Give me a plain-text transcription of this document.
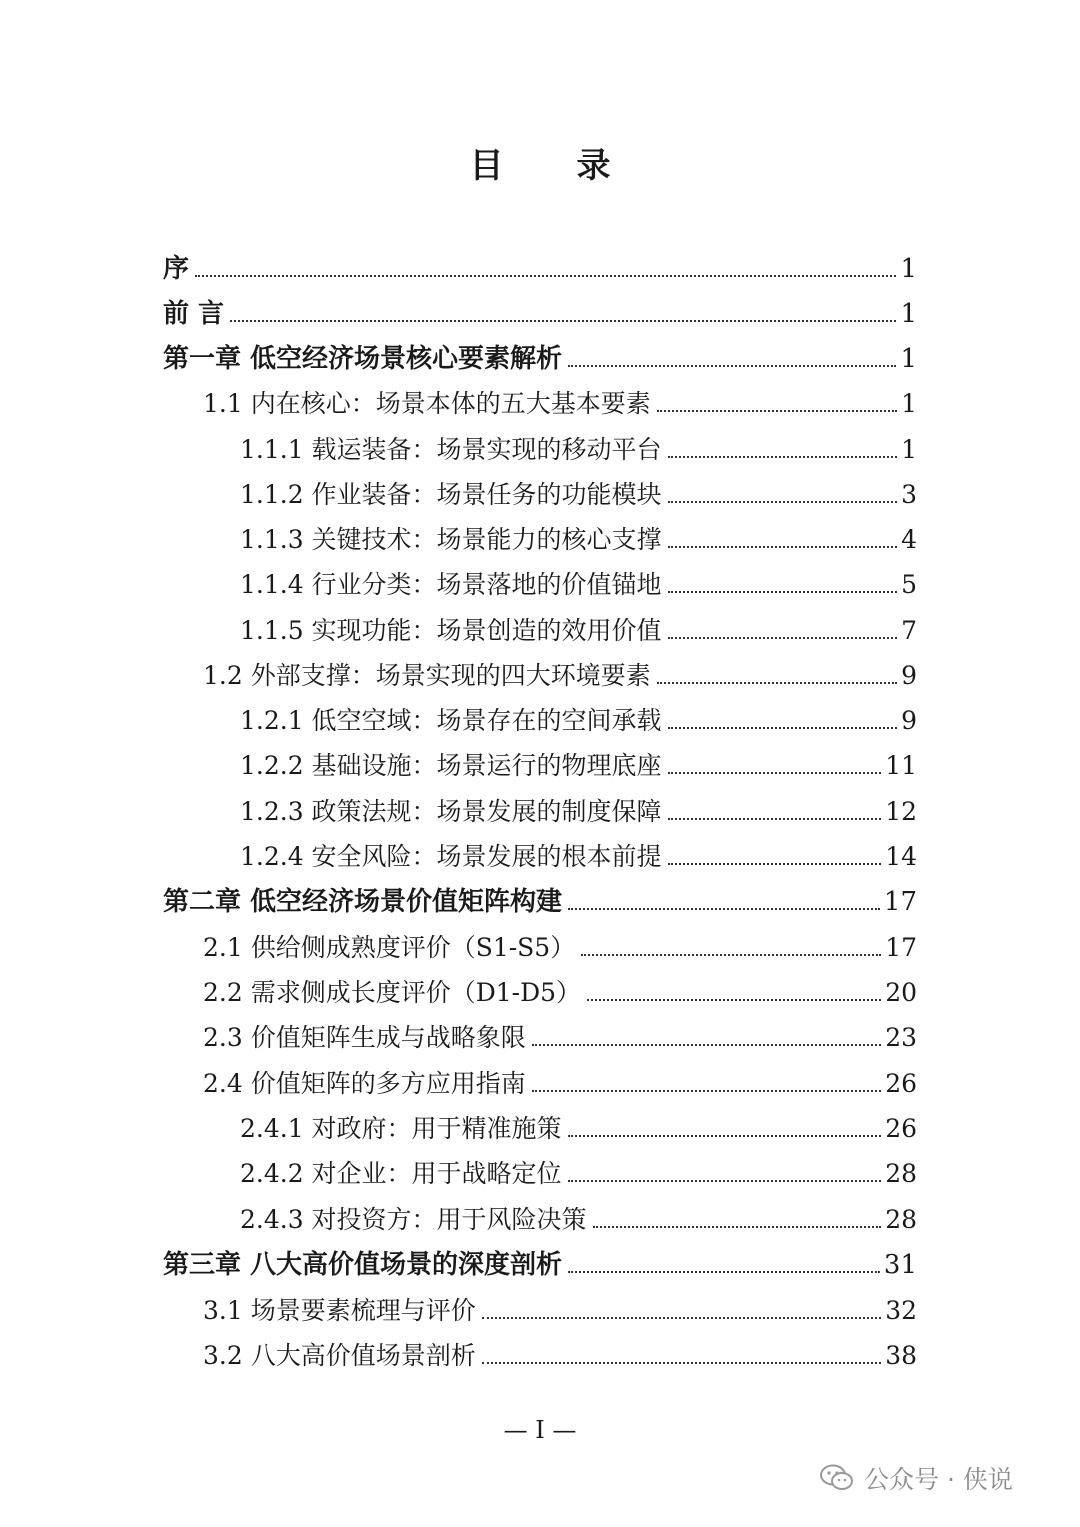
目 录
序	1
前 言	1
第一章 低空经济场景核心要素解析	1
1.1 内在核心：场景本体的五大基本要素	1
1.1.1 载运装备：场景实现的移动平台	1
1.1.2 作业装备：场景任务的功能模块	3
1.1.3 关键技术：场景能力的核心支撑	4
1.1.4 行业分类：场景落地的价值锚地	5
1.1.5 实现功能：场景创造的效用价值	7
1.2 外部支撑：场景实现的四大环境要素	9
1.2.1 低空空域：场景存在的空间承载	9
1.2.2 基础设施：场景运行的物理底座	11
1.2.3 政策法规：场景发展的制度保障	12
1.2.4 安全风险：场景发展的根本前提	14
第二章 低空经济场景价值矩阵构建	17
2.1 供给侧成熟度评价（S1-S5）	17
2.2 需求侧成长度评价（D1-D5）	20
2.3 价值矩阵生成与战略象限	23
2.4 价值矩阵的多方应用指南	26
2.4.1 对政府：用于精准施策	26
2.4.2 对企业：用于战略定位	28
2.4.3 对投资方：用于风险决策	28
第三章 八大高价值场景的深度剖析	31
3.1 场景要素梳理与评价	32
3.2 八大高价值场景剖析	38
— I —
公众号 · 侠说
